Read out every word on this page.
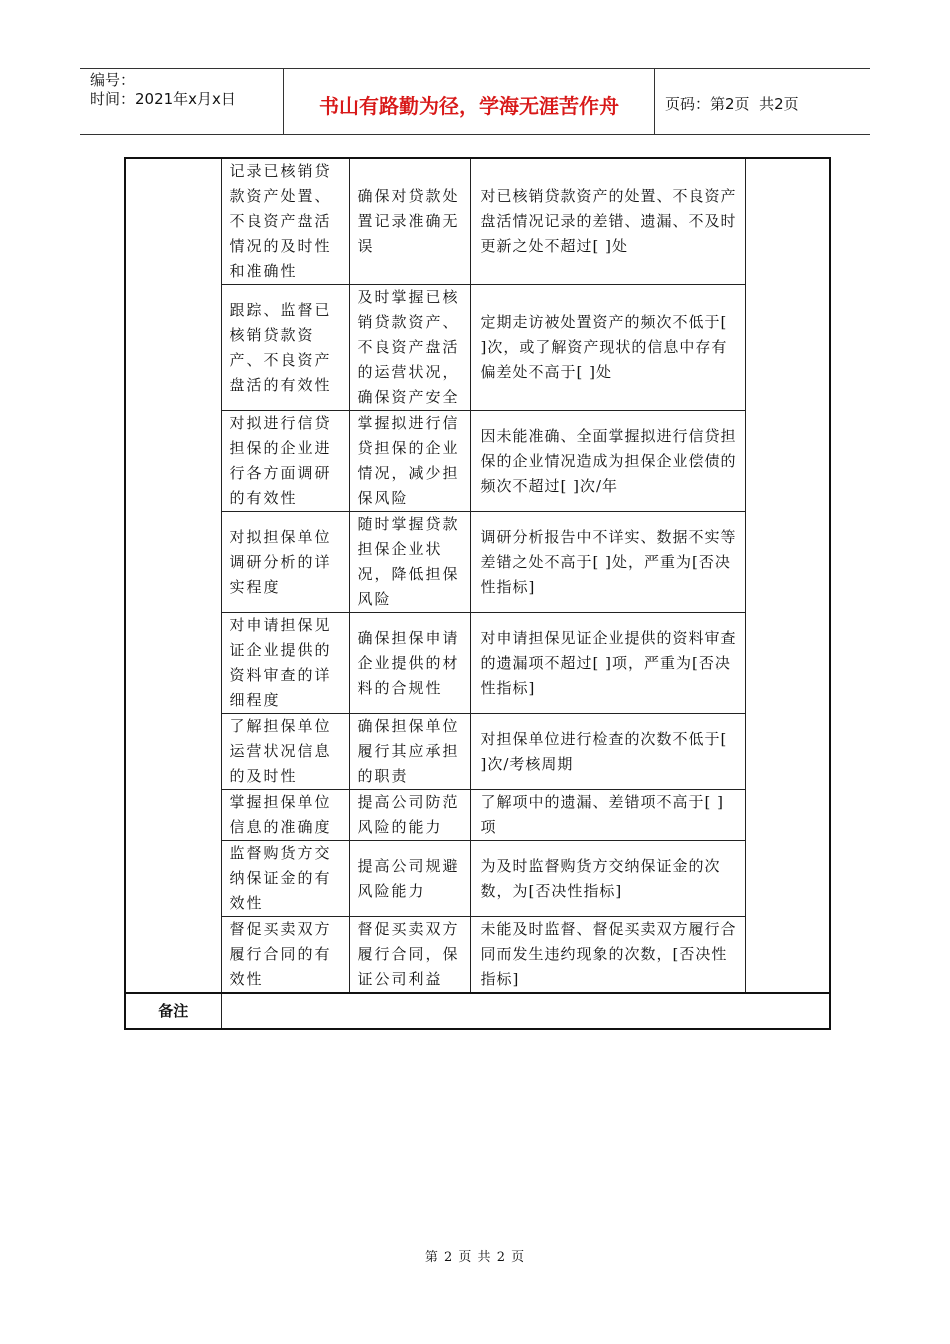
编号：
时间：2021年x月x日	书山有路勤为径，学海无涯苦作舟	页码：第2页  共2页
	记录已核销贷款资产处置、不良资产盘活情况的及时性和准确性	确保对贷款处置记录准确无误	对已核销贷款资产的处置、不良资产盘活情况记录的差错、遗漏、不及时更新之处不超过[ ]处	
	跟踪、监督已核销贷款资产、不良资产盘活的有效性	及时掌握已核销贷款资产、不良资产盘活的运营状况，确保资产安全	定期走访被处置资产的频次不低于[ ]次，或了解资产现状的信息中存有偏差处不高于[ ]处	
	对拟进行信贷担保的企业进行各方面调研的有效性	掌握拟进行信贷担保的企业情况，减少担保风险	因未能准确、全面掌握拟进行信贷担保的企业情况造成为担保企业偿债的频次不超过[ ]次/年	
	对拟担保单位调研分析的详实程度	随时掌握贷款担保企业状况，降低担保风险	调研分析报告中不详实、数据不实等差错之处不高于[ ]处，严重为[否决性指标]	
	对申请担保见证企业提供的资料审查的详细程度	确保担保申请企业提供的材料的合规性	对申请担保见证企业提供的资料审查的遗漏项不超过[ ]项，严重为[否决性指标]	
	了解担保单位运营状况信息的及时性	确保担保单位履行其应承担的职责	对担保单位进行检查的次数不低于[ ]次/考核周期	
	掌握担保单位信息的准确度	提高公司防范风险的能力	了解项中的遗漏、差错项不高于[ ]项	
	监督购货方交纳保证金的有效性	提高公司规避风险能力	为及时监督购货方交纳保证金的次数，为[否决性指标]	
	督促买卖双方履行合同的有效性	督促买卖双方履行合同，保证公司利益	未能及时监督、督促买卖双方履行合同而发生违约现象的次数，[否决性指标]	
备注				
第 2 页 共 2 页
